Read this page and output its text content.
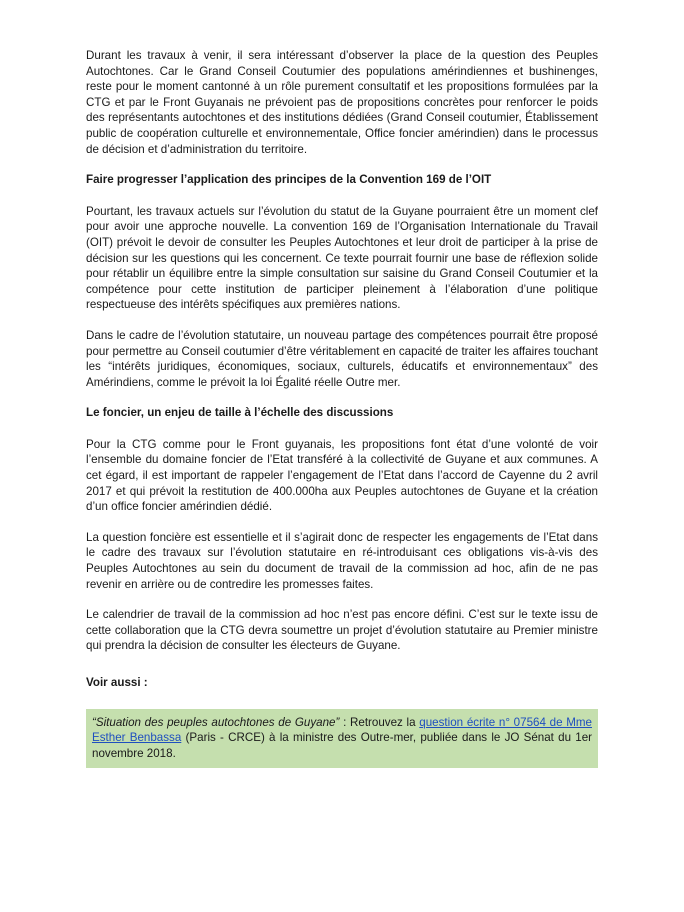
Durant les travaux à venir, il sera intéressant d’observer la place de la question des Peuples Autochtones. Car le Grand Conseil Coutumier des populations amérindiennes et bushinenges, reste pour le moment cantonné à un rôle purement consultatif et les propositions formulées par la CTG et par le Front Guyanais ne prévoient pas de propositions concrètes pour renforcer le poids des représentants autochtones et des institutions dédiées (Grand Conseil coutumier, Établissement public de coopération culturelle et environnementale, Office foncier amérindien) dans le processus de décision et d’administration du territoire.

Faire progresser l’application des principes de la Convention 169 de l’OIT

Pourtant, les travaux actuels sur l’évolution du statut de la Guyane pourraient être un moment clef pour avoir une approche nouvelle. La convention 169 de l’Organisation Internationale du Travail (OIT) prévoit le devoir de consulter les Peuples Autochtones et leur droit de participer à la prise de décision sur les questions qui les concernent. Ce texte pourrait fournir une base de réflexion solide pour rétablir un équilibre entre la simple consultation sur saisine du Grand Conseil Coutumier et la compétence pour cette institution de participer pleinement à l’élaboration d’une politique respectueuse des intérêts spécifiques aux premières nations.

Dans le cadre de l’évolution statutaire, un nouveau partage des compétences pourrait être proposé pour permettre au Conseil coutumier d’être véritablement en capacité de traiter les affaires touchant les “intérêts juridiques, économiques, sociaux, culturels, éducatifs et environnementaux” des Amérindiens, comme le prévoit la loi Égalité réelle Outre mer.

Le foncier, un enjeu de taille à l’échelle des discussions

Pour la CTG comme pour le Front guyanais, les propositions font état d’une volonté de voir l’ensemble du domaine foncier de l’Etat transféré à la collectivité de Guyane et aux communes. A cet égard, il est important de rappeler l’engagement de l’Etat dans l’accord de Cayenne du 2 avril 2017 et qui prévoit la restitution de 400.000ha aux Peuples autochtones de Guyane et la création d’un office foncier amérindien dédié.

La question foncière est essentielle et il s’agirait donc de respecter les engagements de l’Etat dans le cadre des travaux sur l’évolution statutaire en ré-introduisant ces obligations vis-à-vis des Peuples Autochtones au sein du document de travail de la commission ad hoc, afin de ne pas revenir en arrière ou de contredire les promesses faites.

Le calendrier de travail de la commission ad hoc n’est pas encore défini. C’est sur le texte issu de cette collaboration que la CTG devra soumettre un projet d’évolution statutaire au Premier ministre qui prendra la décision de consulter les électeurs de Guyane.

Voir aussi :

“Situation des peuples autochtones de Guyane” : Retrouvez la question écrite n° 07564 de Mme Esther Benbassa (Paris - CRCE) à la ministre des Outre-mer, publiée dans le JO Sénat du 1er novembre 2018.
